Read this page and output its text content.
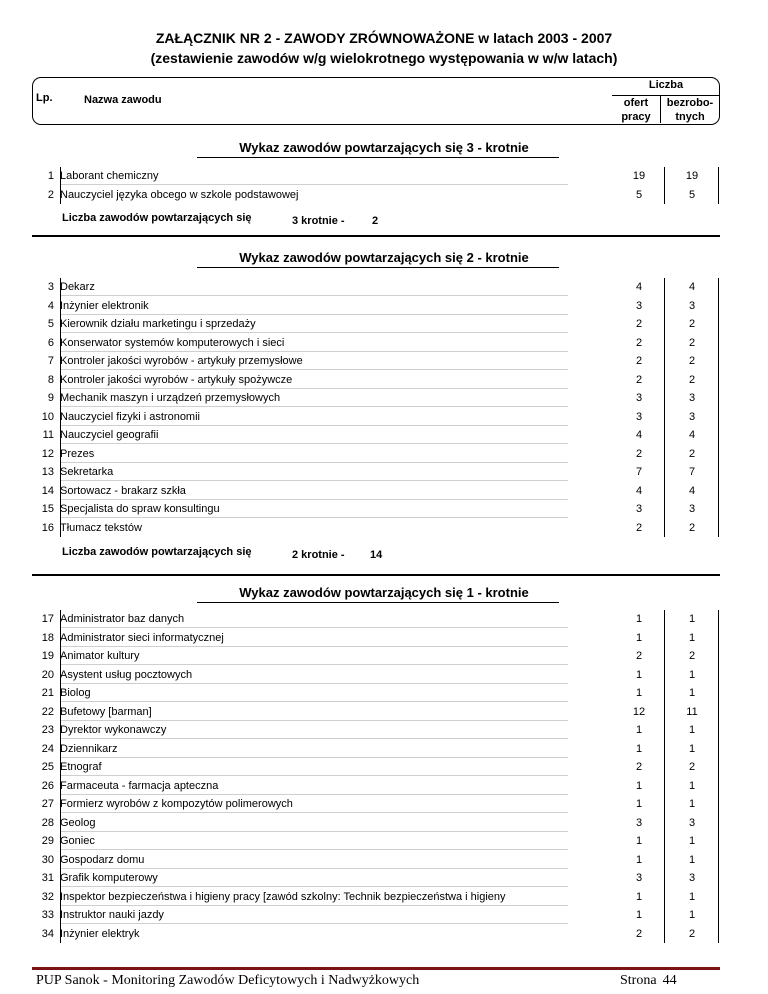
ZAŁĄCZNIK NR 2 - ZAWODY ZRÓWNOWAŻONE w latach 2003 - 2007
(zestawienie zawodów w/g wielokrotnego występowania w w/w latach)
Lp.	Nazwa zawodu
Liczba
ofert
pracy
bezrobo-
tnych
Wykaz zawodów powtarzających się 3 - krotnie
1 Laborant chemiczny	19	19
2 Nauczyciel języka obcego w szkole podstawowej	5	5
Liczba zawodów powtarzających się	3 krotnie - 2
Wykaz zawodów powtarzających się 2 - krotnie
3 Dekarz	4	4
4 Inżynier elektronik	3	3
5 Kierownik działu marketingu i sprzedaży	2	2
6 Konserwator systemów komputerowych i sieci	2	2
7 Kontroler jakości wyrobów - artykuły przemysłowe	2	2
8 Kontroler jakości wyrobów - artykuły spożywcze	2	2
9 Mechanik maszyn i urządzeń przemysłowych	3	3
10 Nauczyciel fizyki i astronomii	3	3
11 Nauczyciel geografii	4	4
12 Prezes	2	2
13 Sekretarka	7	7
14 Sortowacz - brakarz szkła	4	4
15 Specjalista do spraw konsultingu	3	3
16 Tłumacz tekstów	2	2
Liczba zawodów powtarzających się	2 krotnie - 14
Wykaz zawodów powtarzających się 1 - krotnie
17 Administrator baz danych	1	1
18 Administrator sieci informatycznej	1	1
19 Animator kultury	2	2
20 Asystent usług pocztowych	1	1
21 Biolog	1	1
22 Bufetowy [barman]	12	11
23 Dyrektor wykonawczy	1	1
24 Dziennikarz	1	1
25 Etnograf	2	2
26 Farmaceuta - farmacja apteczna	1	1
27 Formierz wyrobów z kompozytów polimerowych	1	1
28 Geolog	3	3
29 Goniec	1	1
30 Gospodarz domu	1	1
31 Grafik komputerowy	3	3
32 Inspektor bezpieczeństwa i higieny pracy [zawód szkolny: Technik bezpieczeństwa i higieny	1	1
33 Instruktor nauki jazdy	1	1
34 Inżynier elektryk	2	2
PUP Sanok - Monitoring Zawodów Deficytowych i Nadwyżkowych	Strona 44
